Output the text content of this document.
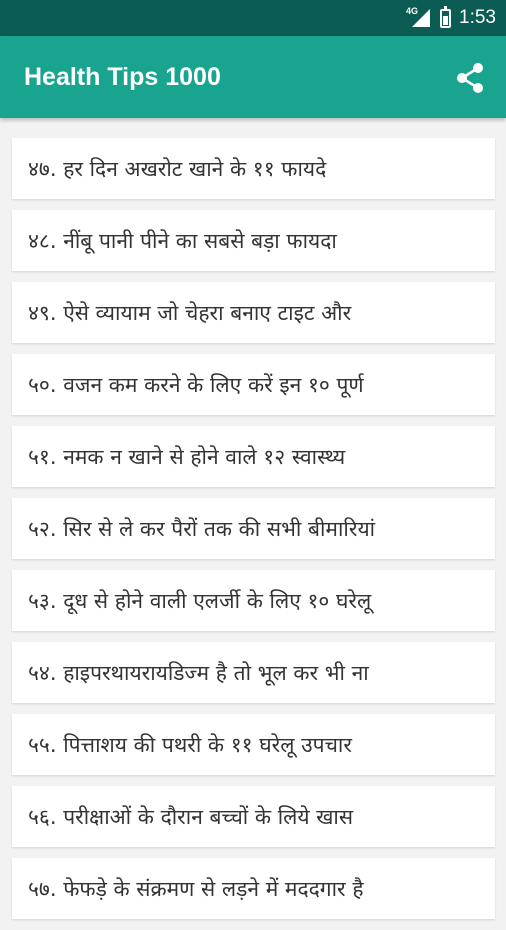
4G 1:53
Health Tips 1000
४७. हर दिन अखरोट खाने के ११ फायदे
४८. नींबू पानी पीने का सबसे बड़ा फायदा
४९. ऐसे व्यायाम जो चेहरा बनाए टाइट और
५०. वजन कम करने के लिए करें इन १० पूर्ण
५१. नमक न खाने से होने वाले १२ स्वास्थ्य
५२. सिर से ले कर पैरों तक की सभी बीमारियां
५३. दूध से होने वाली एलर्जी के लिए १० घरेलू
५४. हाइपरथायरायडिज्म है तो भूल कर भी ना
५५. पित्ताशय की पथरी के ११ घरेलू उपचार
५६. परीक्षाओं के दौरान बच्चों के लिये खास
५७. फेफड़े के संक्रमण से लड़ने में मददगार है
